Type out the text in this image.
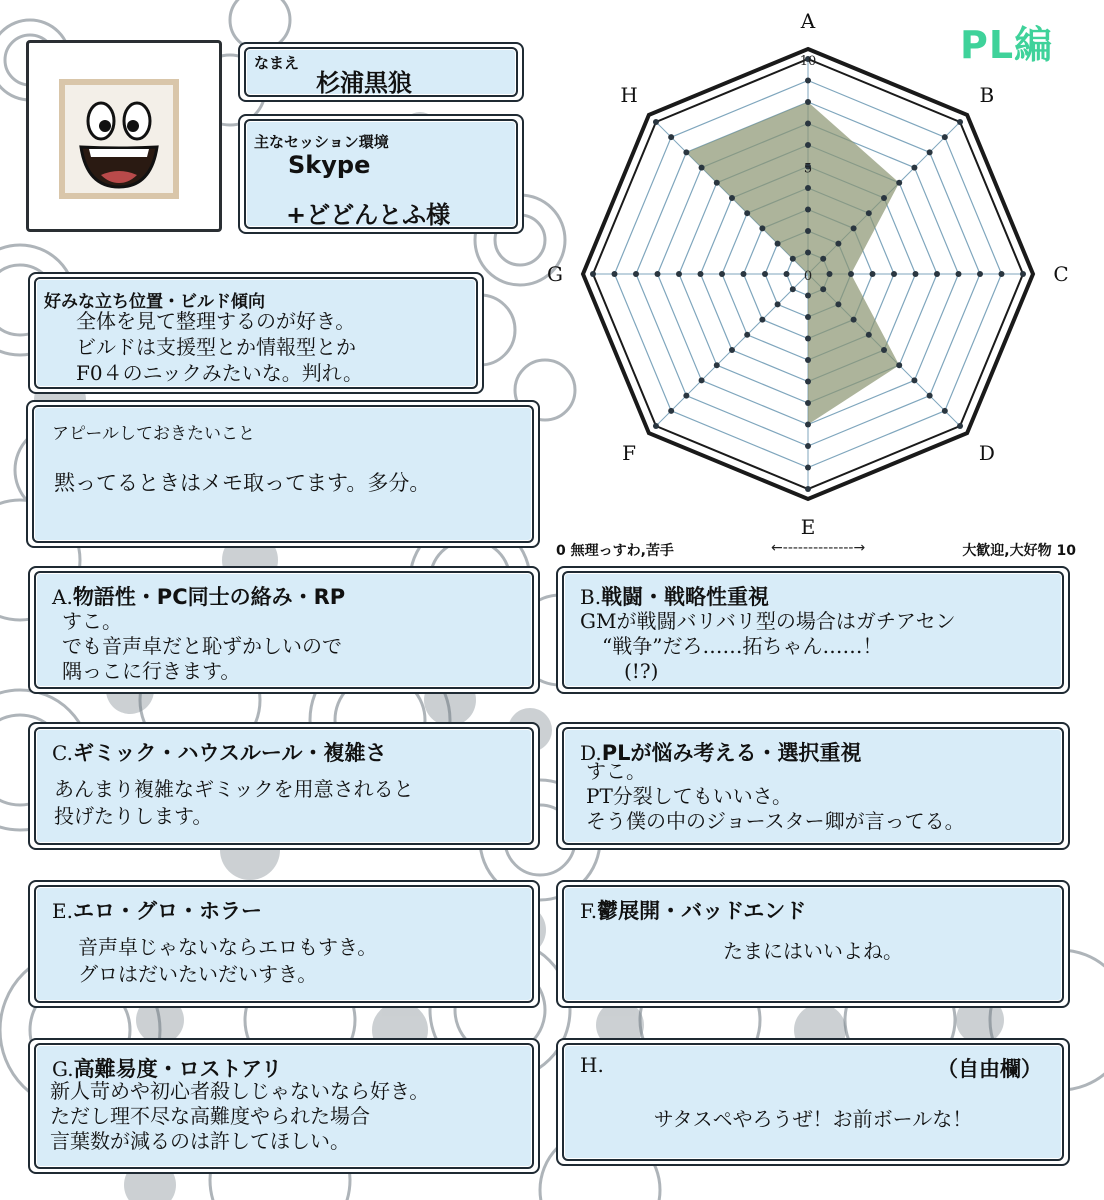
PL編
なまえ
杉浦黒狼
主なセッション環境
Skype
+どどんとふ様
好みな立ち位置・ビルド傾向
全体を見て整理するのが好き。
ビルドは支援型とか情報型とか
F0４のニックみたいな。判れ。
アピールしておきたいこと
黙ってるときはメモ取ってます。多分。
0
5
10
A
B
C
D
E
F
G
H
0 無理っすわ,苦手	←--------------→	大歓迎,大好物 10
A.物語性・PC同士の絡み・RP
すこ。
でも音声卓だと恥ずかしいので
隅っこに行きます。
B.戦闘・戦略性重視
GMが戦闘バリバリ型の場合はガチアセン
“戦争”だろ……拓ちゃん……！
(!?)
C.ギミック・ハウスルール・複雑さ
あんまり複雑なギミックを用意されると
投げたりします。
D.PLが悩み考える・選択重視
すこ。
PT分裂してもいいさ。
そう僕の中のジョースター卿が言ってる。
E.エロ・グロ・ホラー
音声卓じゃないならエロもすき。
グロはだいたいだいすき。
F.鬱展開・バッドエンド
たまにはいいよね。
G.高難易度・ロストアリ
新人苛めや初心者殺しじゃないなら好き。
ただし理不尽な高難度やられた場合
言葉数が減るのは許してほしい。
H.	（自由欄）
サタスペやろうぜ！お前ボールな！
